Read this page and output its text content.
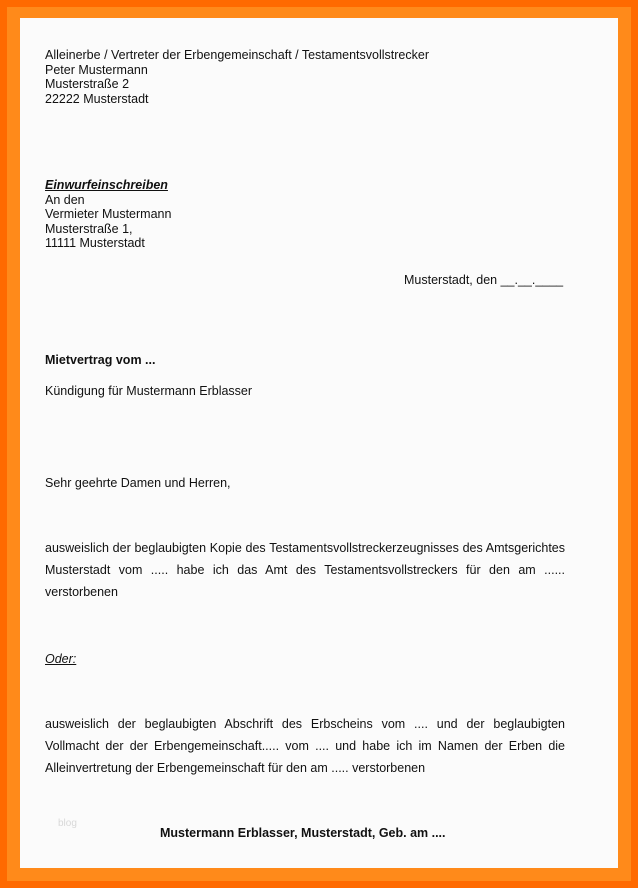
Alleinerbe / Vertreter der Erbengemeinschaft / Testamentsvollstrecker
Peter Mustermann
Musterstraße 2
22222 Musterstadt
Einwurfeinschreiben
An den
Vermieter Mustermann
Musterstraße 1,
11111 Musterstadt
Musterstadt, den __.__.____
Mietvertrag vom ...
Kündigung für Mustermann Erblasser
Sehr geehrte Damen und Herren,
ausweislich der beglaubigten Kopie des Testamentsvollstreckerzeugnisses des Amtsgerichtes Musterstadt vom ..... habe ich das Amt des Testamentsvollstreckers für den am ...... verstorbenen
Oder:
ausweislich der beglaubigten Abschrift des Erbscheins vom .... und der beglaubigten Vollmacht der der Erbengemeinschaft..... vom .... und habe ich im Namen der Erben die Alleinvertretung der Erbengemeinschaft für den am ..... verstorbenen
blog
Mustermann Erblasser, Musterstadt, Geb. am ....
